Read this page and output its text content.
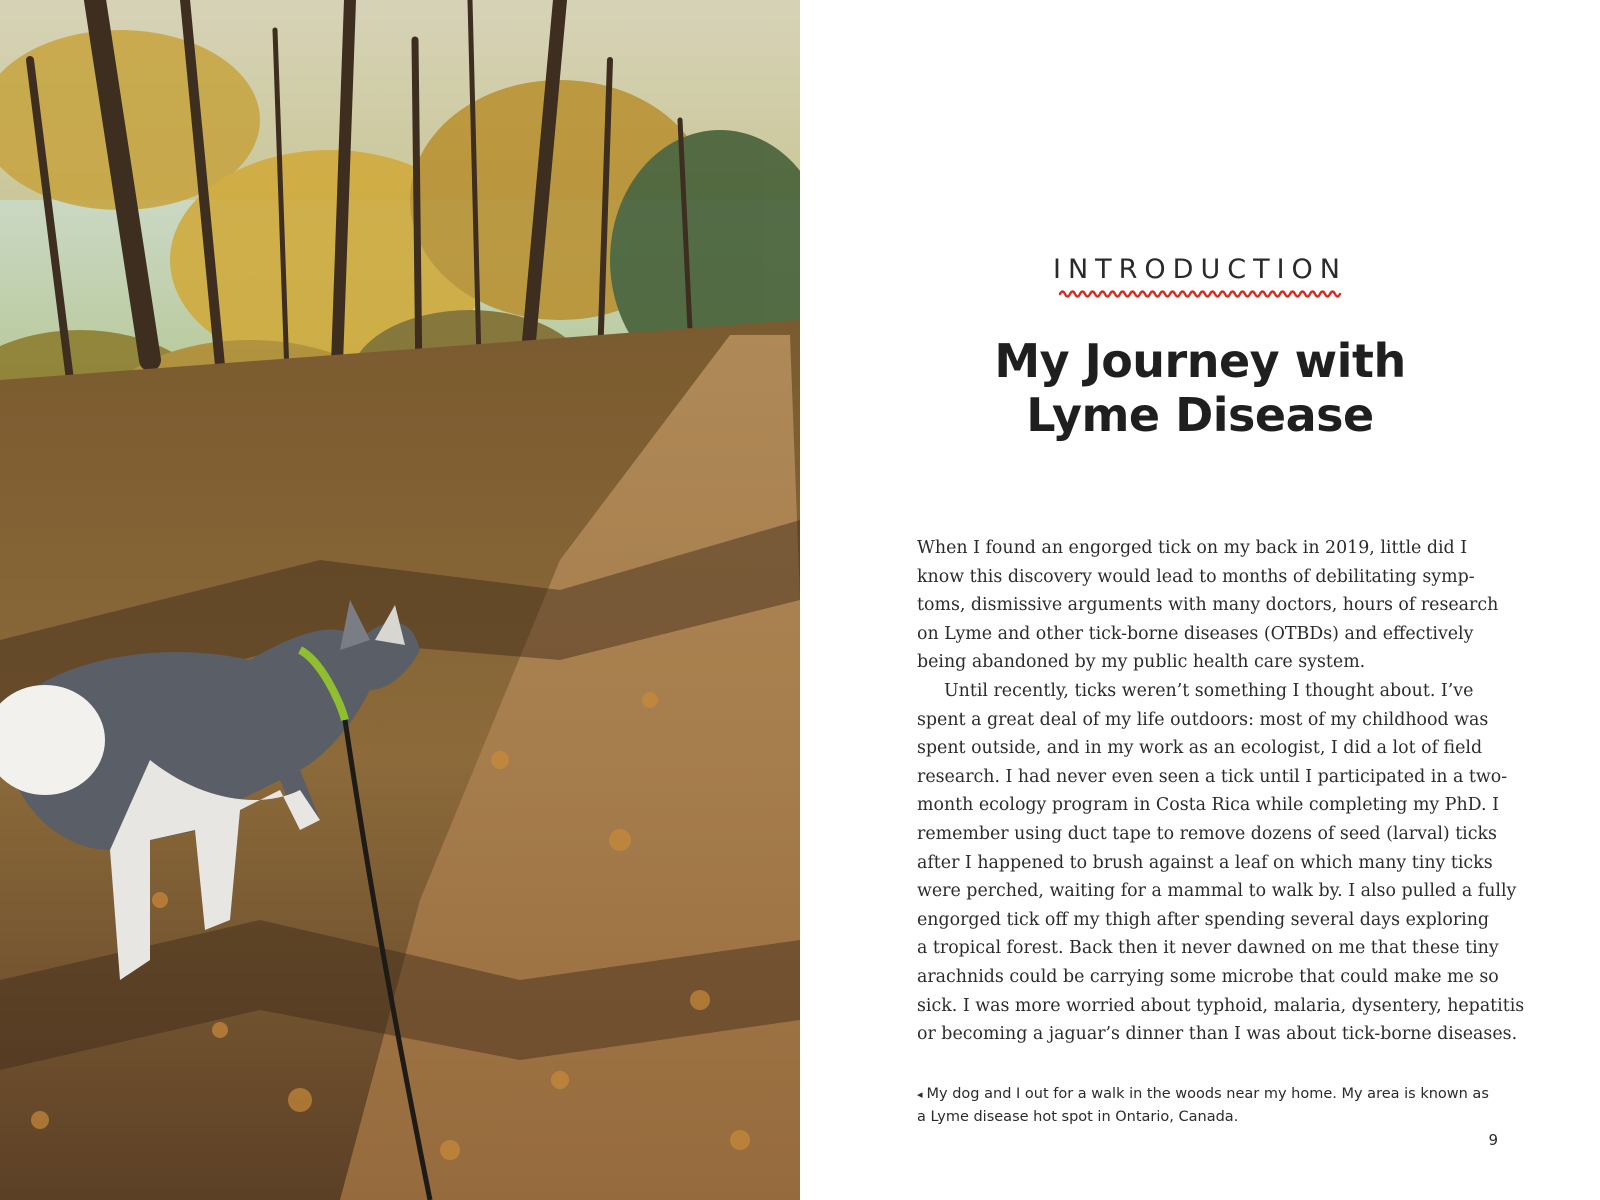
INTRODUCTION
My Journey with
Lyme Disease

When I found an engorged tick on my back in 2019, little did I
know this discovery would lead to months of debilitating symp-
toms, dismissive arguments with many doctors, hours of research
on Lyme and other tick-borne diseases (OTBDs) and effectively
being abandoned by my public health care system.

Until recently, ticks weren’t something I thought about. I’ve
spent a great deal of my life outdoors: most of my childhood was
spent outside, and in my work as an ecologist, I did a lot of field
research. I had never even seen a tick until I participated in a two-
month ecology program in Costa Rica while completing my PhD. I
remember using duct tape to remove dozens of seed (larval) ticks
after I happened to brush against a leaf on which many tiny ticks
were perched, waiting for a mammal to walk by. I also pulled a fully
engorged tick off my thigh after spending several days exploring
a tropical forest. Back then it never dawned on me that these tiny
arachnids could be carrying some microbe that could make me so
sick. I was more worried about typhoid, malaria, dysentery, hepatitis
or becoming a jaguar’s dinner than I was about tick-borne diseases.

◂ My dog and I out for a walk in the woods near my home. My area is known as
a Lyme disease hot spot in Ontario, Canada.
9
